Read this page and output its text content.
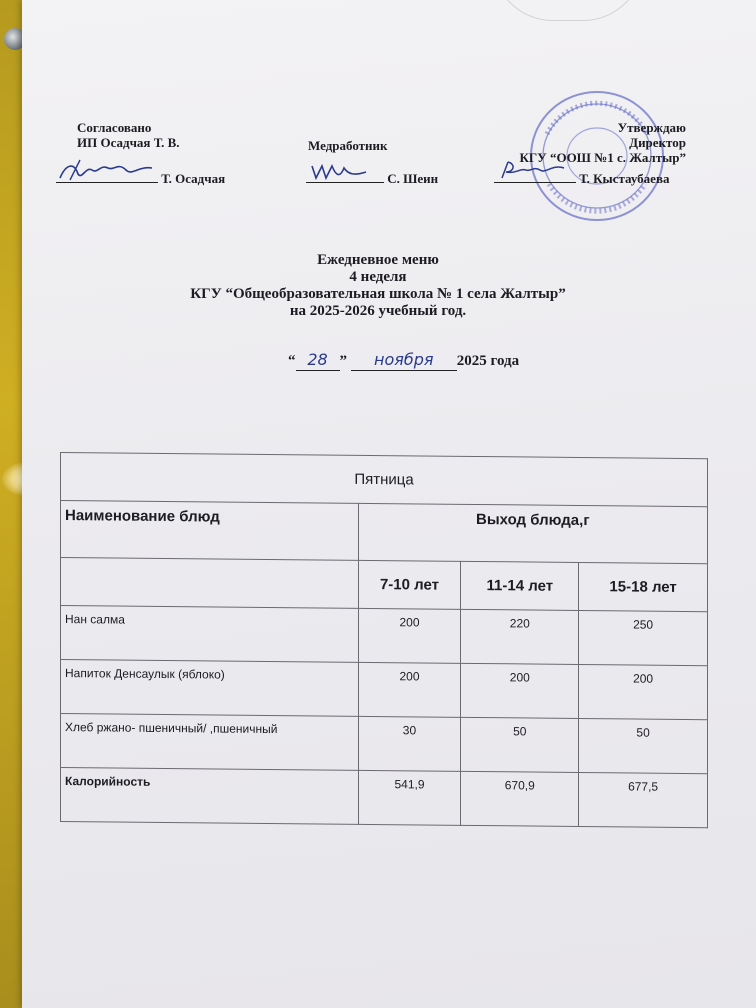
Согласовано
ИП Осадчая Т. В.
Т. Осадчая
Медработник
С. Шеин
Утверждаю
Директор
КГУ “ООШ №1 с. Жалтыр”
Т. Кыстаубаева
Ежедневное меню
4 неделя
КГУ “Общеобразовательная школа № 1 села Жалтыр”
на 2025-2026 учебный год.
“ 28 ” ноября 2025 года
Пятница			
Наименование блюд	Выход блюда,г		
	7-10 лет	11-14 лет	15-18 лет
Нан салма	200	220	250
Напиток Денсаулык (яблоко)	200	200	200
Хлеб ржано- пшеничный/ ,пшеничный	30	50	50
Калорийность	541,9	670,9	677,5
